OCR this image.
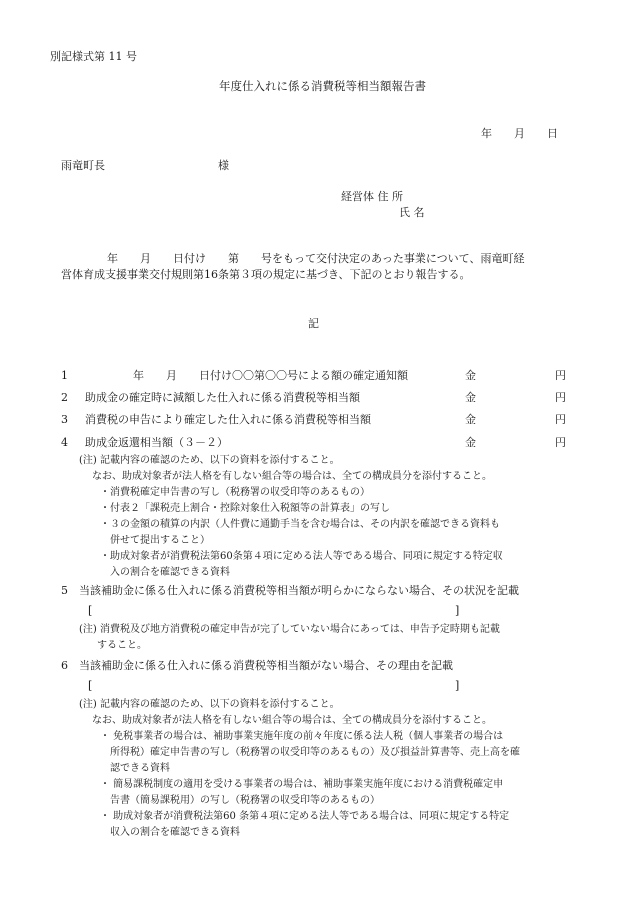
別記様式第 11 号
年度仕入れに係る消費税等相当額報告書
年　　月　　日
雨竜町長	様
経営体 住 所
氏 名
年　　月　　日付け　　第　　号をもって交付決定のあった事業について、雨竜町経
営体育成支援事業交付規則第16条第３項の規定に基づき、下記のとおり報告する。
記
1	年　　月　　日付け〇〇第〇〇号による額の確定通知額	金	円
2 助成金の確定時に減額した仕入れに係る消費税等相当額	金	円
3 消費税の申告により確定した仕入れに係る消費税等相当額	金	円
4 助成金返還相当額（３－２）	金	円
(注) 記載内容の確認のため、以下の資料を添付すること。
なお、助成対象者が法人格を有しない組合等の場合は、全ての構成員分を添付すること。
・消費税確定申告書の写し（税務署の収受印等のあるもの）
・付表２「課税売上割合・控除対象仕入税額等の計算表」の写し
・３の金額の積算の内訳（人件費に通勤手当を含む場合は、その内訳を確認できる資料も
併せて提出すること）
・助成対象者が消費税法第60条第４項に定める法人等である場合、同項に規定する特定収
入の割合を確認できる資料
5 当該補助金に係る仕入れに係る消費税等相当額が明らかにならない場合、その状況を記載
[	]
(注) 消費税及び地方消費税の確定申告が完了していない場合にあっては、申告予定時期も記載
すること。
6 当該補助金に係る仕入れに係る消費税等相当額がない場合、その理由を記載
[	]
(注) 記載内容の確認のため、以下の資料を添付すること。
なお、助成対象者が法人格を有しない組合等の場合は、全ての構成員分を添付すること。
・ 免税事業者の場合は、補助事業実施年度の前々年度に係る法人税（個人事業者の場合は
所得税）確定申告書の写し（税務署の収受印等のあるもの）及び損益計算書等、売上高を確
認できる資料
・ 簡易課税制度の適用を受ける事業者の場合は、補助事業実施年度における消費税確定申
告書（簡易課税用）の写し（税務署の収受印等のあるもの）
・ 助成対象者が消費税法第60 条第４項に定める法人等である場合は、同項に規定する特定
収入の割合を確認できる資料
